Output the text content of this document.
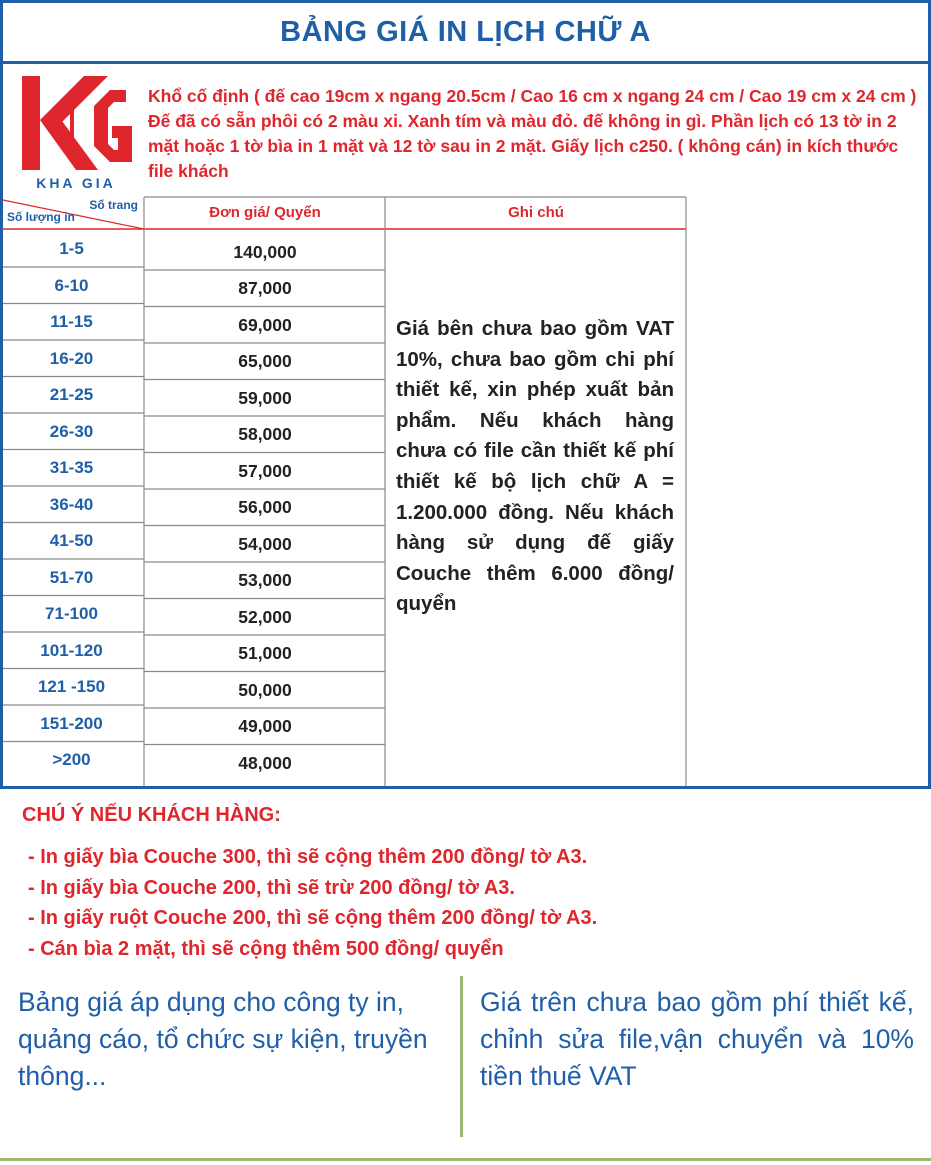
BẢNG GIÁ IN LỊCH CHỮ A
KHA GIA
Khổ cố định ( đế cao 19cm x ngang 20.5cm / Cao 16 cm x ngang 24 cm / Cao 19 cm x 24 cm ) Đế đã có sẵn phôi có 2 màu xi. Xanh tím và màu đỏ. đế không in gì. Phần lịch có 13 tờ in 2 mặt hoặc 1 tờ bìa in 1 mặt và 12 tờ sau in 2 mặt. Giấy lịch c250. ( không cán) in kích thước file khách
Số trang
Số lượng in	Đơn giá/ Quyển	Ghi chú
1-5	140,000
6-10	87,000
11-15	69,000
16-20	65,000
21-25	59,000
26-30	58,000
31-35	57,000
36-40	56,000
41-50	54,000
51-70	53,000
71-100	52,000
101-120	51,000
121 -150	50,000
151-200	49,000
>200	48,000
Giá bên chưa bao gồm VAT 10%, chưa bao gồm chi phí thiết kế, xin phép xuất bản phẩm. Nếu khách hàng chưa có file cần thiết kế phí thiết kế bộ lịch chữ A = 1.200.000 đồng. Nếu khách hàng sử dụng đế giấy Couche thêm 6.000 đồng/ quyển
CHÚ Ý NẾU KHÁCH HÀNG:
- In giấy bìa Couche 300, thì sẽ cộng thêm 200 đồng/ tờ A3.
- In giấy bìa Couche 200, thì sẽ trừ 200 đồng/ tờ A3.
- In giấy ruột Couche 200, thì sẽ cộng thêm 200 đồng/ tờ A3.
- Cán bìa 2 mặt, thì sẽ cộng thêm 500 đồng/ quyển
Bảng giá áp dụng cho công ty in, quảng cáo, tổ chức sự kiện, truyền thông...
Giá trên chưa bao gồm phí thiết kế, chỉnh sửa file,vận chuyển và 10% tiền thuế VAT
